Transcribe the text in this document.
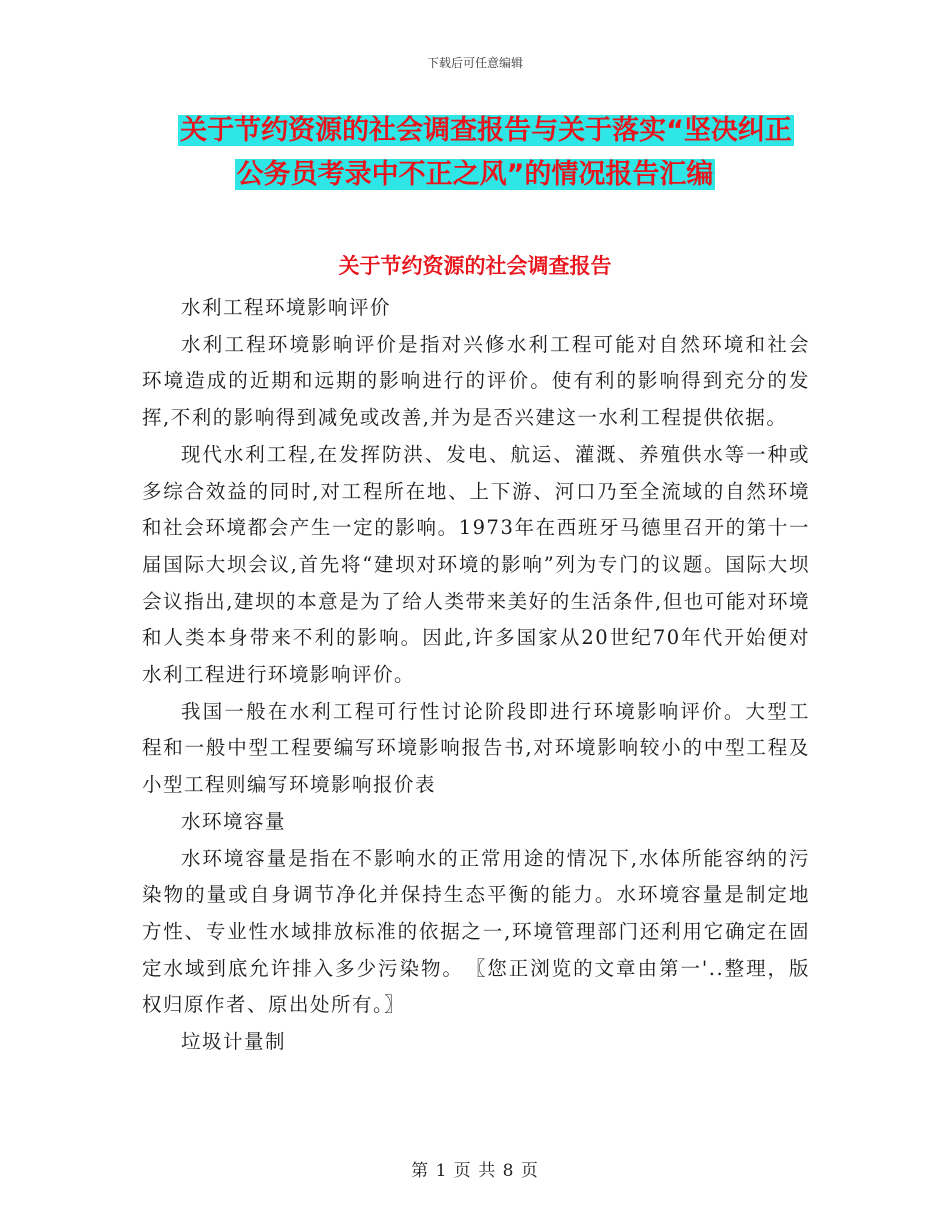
下载后可任意编辑
关于节约资源的社会调查报告与关于落实“坚决纠正
公务员考录中不正之风”的情况报告汇编
关于节约资源的社会调查报告

水利工程环境影响评价

水利工程环境影晌评价是指对兴修水利工程可能对自然环境和社会环境造成的近期和远期的影响进行的评价。使有利的影响得到充分的发挥,不利的影响得到减免或改善,并为是否兴建这一水利工程提供依据。

现代水利工程,在发挥防洪、发电、航运、灌溉、养殖供水等一种或多综合效益的同时,对工程所在地、上下游、河口乃至全流域的自然环境和社会环境都会产生一定的影响。1973年在西班牙马德里召开的第十一届国际大坝会议,首先将“建坝对环境的影响”列为专门的议题。国际大坝会议指出,建坝的本意是为了给人类带来美好的生活条件,但也可能对环境和人类本身带来不利的影响。因此,许多国家从20世纪70年代开始便对水利工程进行环境影响评价。

我国一般在水利工程可行性讨论阶段即进行环境影响评价。大型工程和一般中型工程要编写环境影响报告书,对环境影响较小的中型工程及小型工程则编写环境影响报价表

水环境容量

水环境容量是指在不影响水的正常用途的情况下,水体所能容纳的污染物的量或自身调节净化并保持生态平衡的能力。水环境容量是制定地方性、专业性水域排放标准的依据之一,环境管理部门还利用它确定在固定水域到底允许排入多少污染物。　〖您正浏览的文章由第一'..整理，版权归原作者、原出处所有。〗

垃圾计量制

第 1 页 共 8 页
